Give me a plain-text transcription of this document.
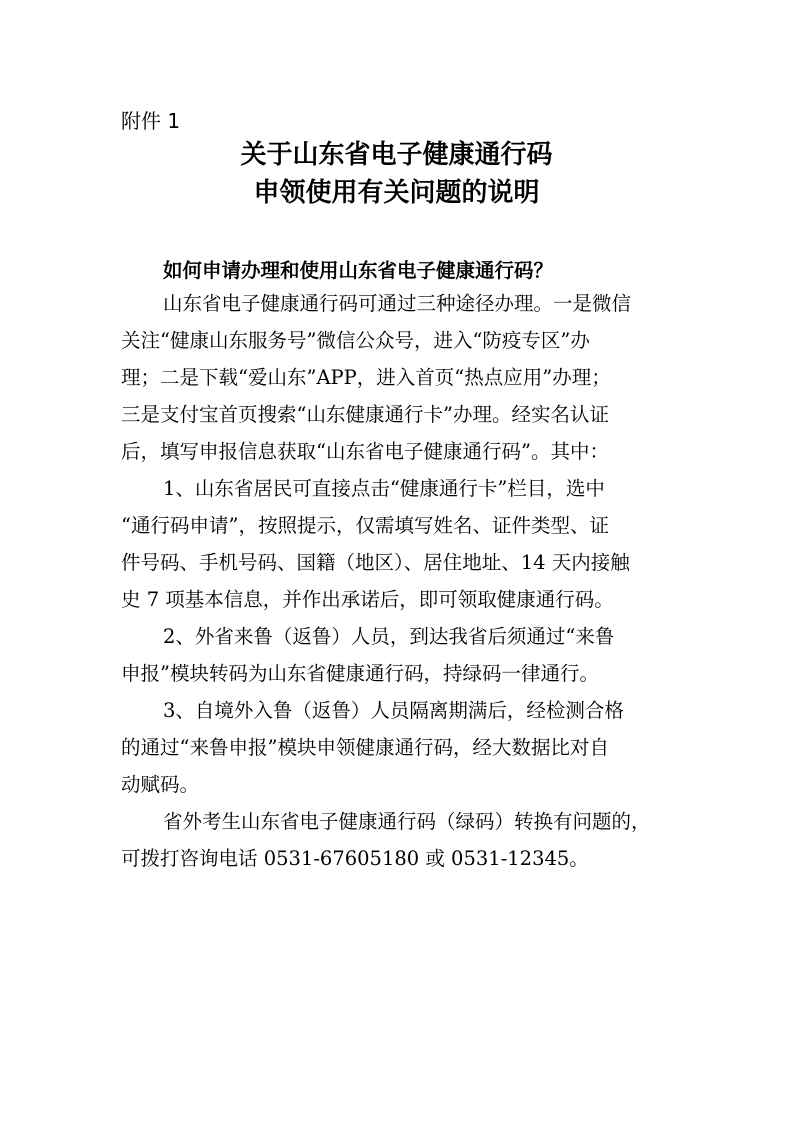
附件 1
关于山东省电子健康通行码
申领使用有关问题的说明
如何申请办理和使用山东省电子健康通行码？
山东省电子健康通行码可通过三种途径办理。一是微信
关注“健康山东服务号”微信公众号，进入“防疫专区”办
理；二是下载“爱山东”APP，进入首页“热点应用”办理；
三是支付宝首页搜索“山东健康通行卡”办理。经实名认证
后，填写申报信息获取“山东省电子健康通行码”。其中：
1、山东省居民可直接点击“健康通行卡”栏目，选中
“通行码申请”，按照提示，仅需填写姓名、证件类型、证
件号码、手机号码、国籍（地区）、居住地址、14 天内接触
史 7 项基本信息，并作出承诺后，即可领取健康通行码。
2、外省来鲁（返鲁）人员，到达我省后须通过“来鲁
申报”模块转码为山东省健康通行码，持绿码一律通行。
3、自境外入鲁（返鲁）人员隔离期满后，经检测合格
的通过“来鲁申报”模块申领健康通行码，经大数据比对自
动赋码。
省外考生山东省电子健康通行码（绿码）转换有问题的，
可拨打咨询电话 0531-67605180 或 0531-12345。
